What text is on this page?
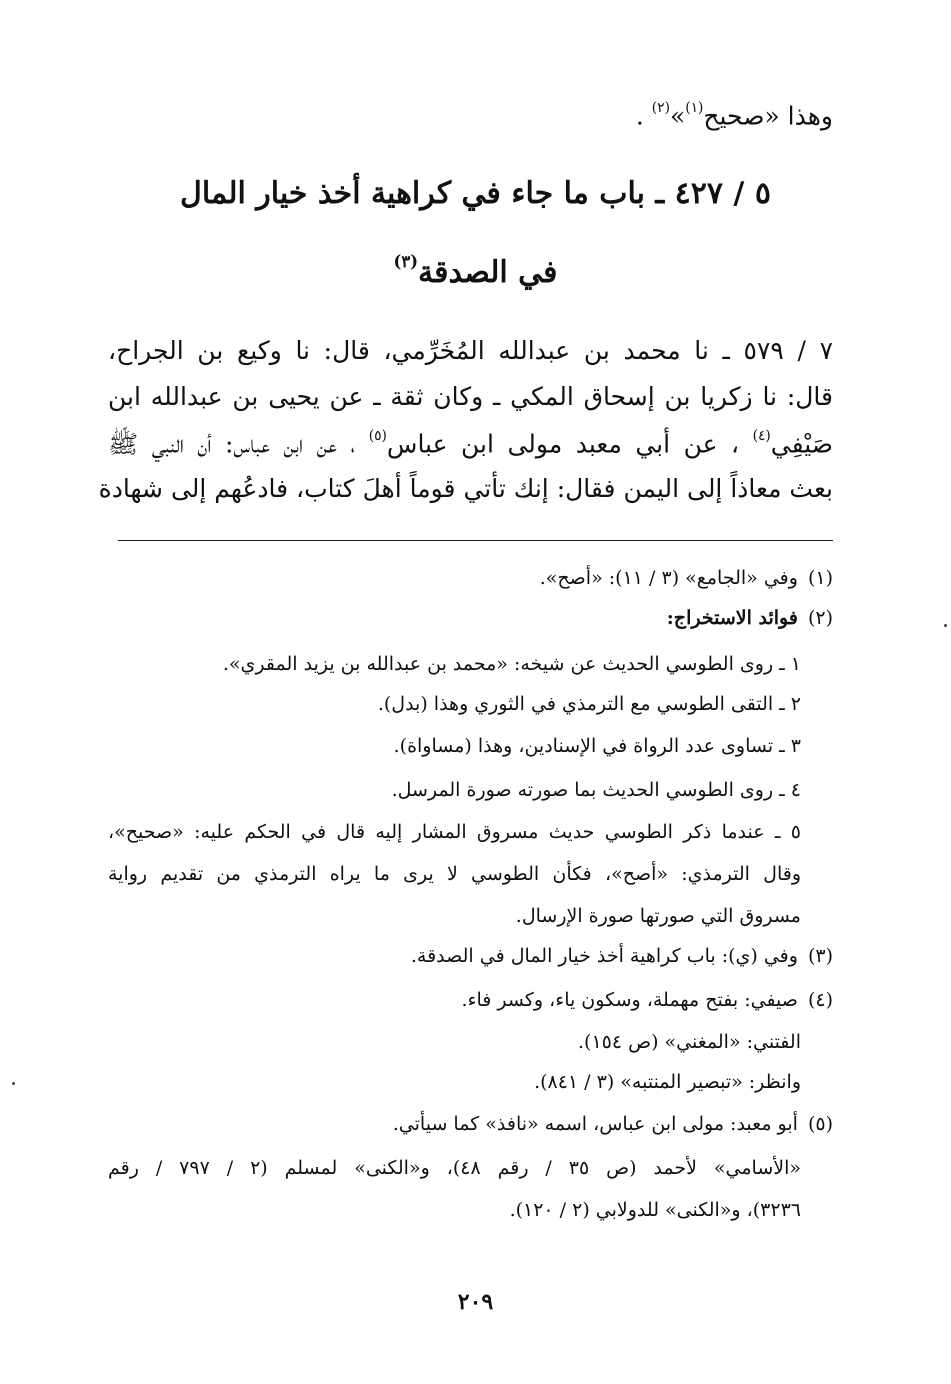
وهذا «صحيح$^{(١)}$»$^{(٢)}$ .
٥ / ٤٢٧ ـ باب ما جاء في كراهية أخذ خيار المال
في الصدقة$^{(٣)}$
٧ / ٥٧٩ ـ نا محمد بن عبدالله المُخَرِّمي، قال: نا وكيع بن الجراح،
قال: نا زكريا بن إسحاق المكي ـ وكان ثقة ـ عن يحيى بن عبدالله ابن
صَيْفِي$^{(٤)}$ ، عن أبي معبد مولى ابن عباس$^{(٥)}$ ، عن ابن عباس: أن النبي ﷺ
بعث معاذاً إلى اليمن فقال: إنك تأتي قوماً أهلَ كتاب، فادعُهم إلى شهادة
(١)وفي «الجامع» (٣ / ١١): «أصح».
(٢)فوائد الاستخراج:
١ ـ روى الطوسي الحديث عن شيخه: «محمد بن عبدالله بن يزيد المقري».
٢ ـ التقى الطوسي مع الترمذي في الثوري وهذا (بدل).
٣ ـ تساوى عدد الرواة في الإسنادين، وهذا (مساواة).
٤ ـ روى الطوسي الحديث بما صورته صورة المرسل.
٥ ـ عندما ذكر الطوسي حديث مسروق المشار إليه قال في الحكم عليه: «صحيح»،
وقال الترمذي: «أصح»، فكأن الطوسي لا يرى ما يراه الترمذي من تقديم رواية
مسروق التي صورتها صورة الإرسال.
(٣)وفي (ي): باب كراهية أخذ خيار المال في الصدقة.
(٤)صيفي: بفتح مهملة، وسكون ياء، وكسر فاء.
الفتني: «المغني» (ص ١٥٤).
وانظر: «تبصير المنتبه» (٣ / ٨٤١).
(٥)أبو معبد: مولى ابن عباس، اسمه «نافذ» كما سيأتي.
«الأسامي» لأحمد (ص ٣٥ / رقم ٤٨)، و«الكنى» لمسلم (٢ / ٧٩٧ / رقم
٣٢٣٦)، و«الكنى» للدولابي (٢ / ١٢٠).
٢٠٩
